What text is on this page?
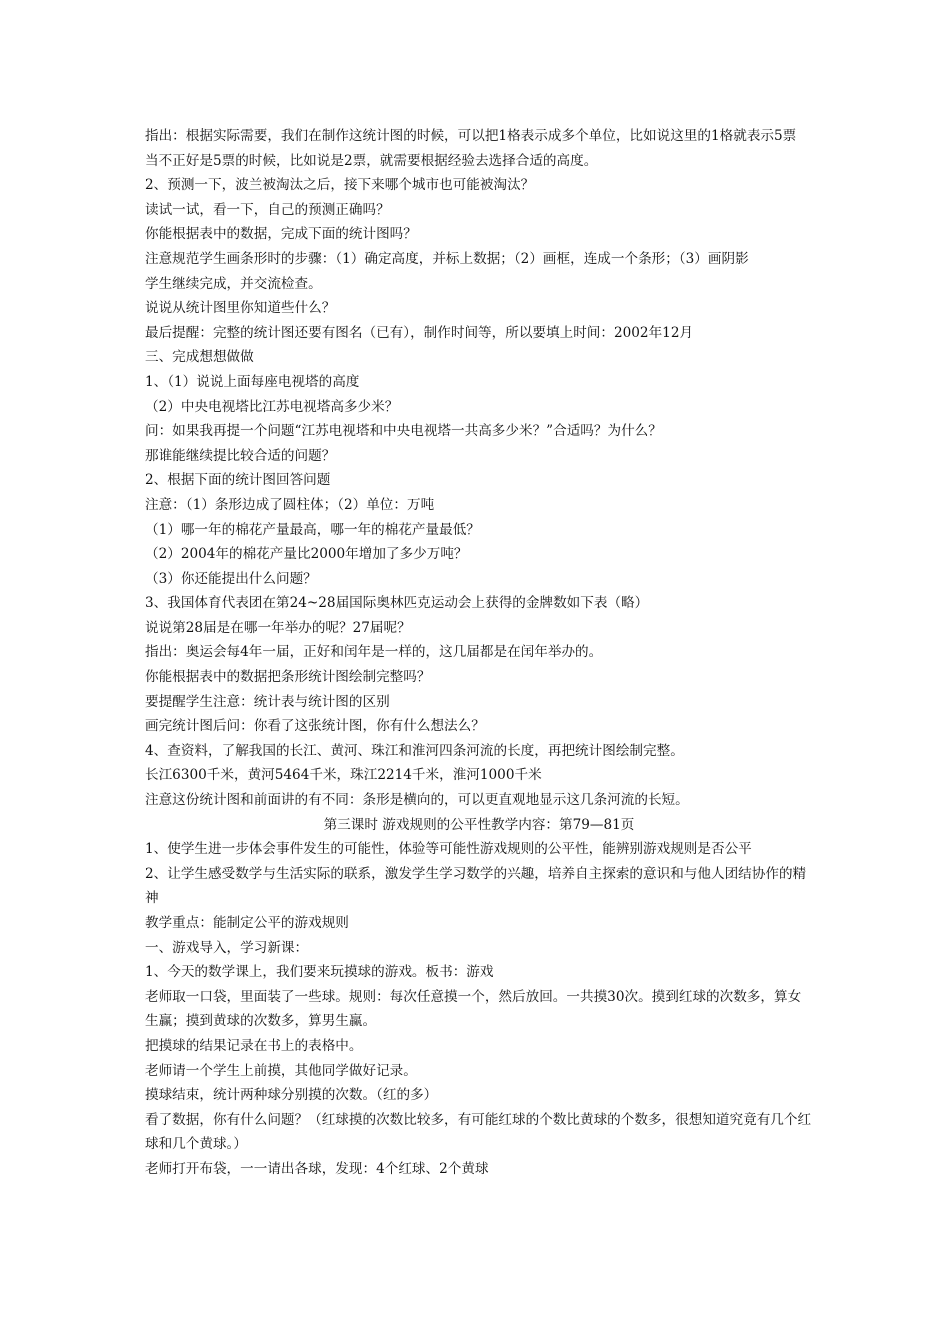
指出：根据实际需要，我们在制作这统计图的时候，可以把1格表示成多个单位，比如说这里的1格就表示5票

当不正好是5票的时候，比如说是2票，就需要根据经验去选择合适的高度。

2、预测一下，波兰被淘汰之后，接下来哪个城市也可能被淘汰？

读试一试，看一下，自己的预测正确吗？

你能根据表中的数据，完成下面的统计图吗？

注意规范学生画条形时的步骤：（1）确定高度，并标上数据；（2）画框，连成一个条形；（3）画阴影

学生继续完成，并交流检查。

说说从统计图里你知道些什么？

最后提醒：完整的统计图还要有图名（已有），制作时间等，所以要填上时间：2002年12月

三、完成想想做做

1、（1）说说上面每座电视塔的高度

（2）中央电视塔比江苏电视塔高多少米？

问：如果我再提一个问题“江苏电视塔和中央电视塔一共高多少米？”合适吗？为什么？

那谁能继续提比较合适的问题？

2、根据下面的统计图回答问题

注意：（1）条形边成了圆柱体；（2）单位：万吨

（1）哪一年的棉花产量最高，哪一年的棉花产量最低？

（2）2004年的棉花产量比2000年增加了多少万吨？

（3）你还能提出什么问题？

3、我国体育代表团在第24~28届国际奥林匹克运动会上获得的金牌数如下表（略）

说说第28届是在哪一年举办的呢？27届呢？

指出：奥运会每4年一届，正好和闰年是一样的，这几届都是在闰年举办的。

你能根据表中的数据把条形统计图绘制完整吗？

要提醒学生注意：统计表与统计图的区别

画完统计图后问：你看了这张统计图，你有什么想法么？

4、查资料，了解我国的长江、黄河、珠江和淮河四条河流的长度，再把统计图绘制完整。

长江6300千米，黄河5464千米，珠江2214千米，淮河1000千米

注意这份统计图和前面讲的有不同：条形是横向的，可以更直观地显示这几条河流的长短。

第三课时 游戏规则的公平性教学内容：第79—81页

1、使学生进一步体会事件发生的可能性，体验等可能性游戏规则的公平性，能辨别游戏规则是否公平

2、让学生感受数学与生活实际的联系，激发学生学习数学的兴趣，培养自主探索的意识和与他人团结协作的精神

教学重点：能制定公平的游戏规则

一、游戏导入，学习新课：

1、今天的数学课上，我们要来玩摸球的游戏。板书：游戏

老师取一口袋，里面装了一些球。规则：每次任意摸一个，然后放回。一共摸30次。摸到红球的次数多，算女生赢；摸到黄球的次数多，算男生赢。

把摸球的结果记录在书上的表格中。

老师请一个学生上前摸，其他同学做好记录。

摸球结束，统计两种球分别摸的次数。（红的多）

看了数据，你有什么问题？（红球摸的次数比较多，有可能红球的个数比黄球的个数多，很想知道究竟有几个红球和几个黄球。）

老师打开布袋，一一请出各球，发现：4个红球、2个黄球
